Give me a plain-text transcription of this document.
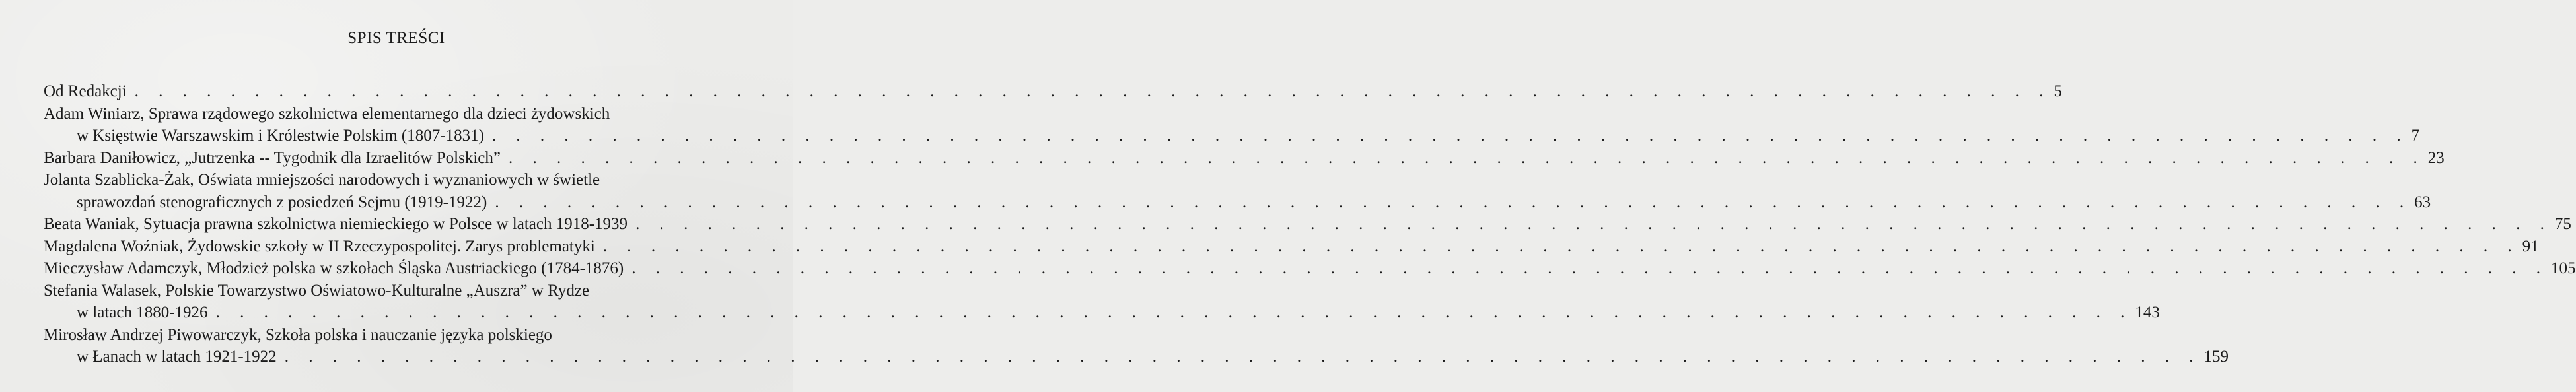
SPIS TREŚCI
Od Redakcji . . . . . . . . . . . . . . . . . . . . . . . . . . . . . . . . . . . . . . . . . . . . . . . . . . . . . . . . . . . . . . . . . . . . . . . . . . . . . . . . 5
Adam Winiarz, Sprawa rządowego szkolnictwa elementarnego dla dzieci żydowskich
w Księstwie Warszawskim i Królestwie Polskim (1807-1831) . . . . . . . . . . . . . . . . . . . . . . . . . . . . . . . . . . . . . . . . . . . . . . . . . . . . . . . . . . . . . . . . . . . . . . . . . . . . . . . . 7
Barbara Daniłowicz, „Jutrzenka -- Tygodnik dla Izraelitów Polskich” . . . . . . . . . . . . . . . . . . . . . . . . . . . . . . . . . . . . . . . . . . . . . . . . . . . . . . . . . . . . . . . . . . . . . . . . . . . . . . . . 23
Jolanta Szablicka-Żak, Oświata mniejszości narodowych i wyznaniowych w świetle
sprawozdań stenograficznych z posiedzeń Sejmu (1919-1922) . . . . . . . . . . . . . . . . . . . . . . . . . . . . . . . . . . . . . . . . . . . . . . . . . . . . . . . . . . . . . . . . . . . . . . . . . . . . . . . . 63
Beata Waniak, Sytuacja prawna szkolnictwa niemieckiego w Polsce w latach 1918-1939 . . . . . . . . . . . . . . . . . . . . . . . . . . . . . . . . . . . . . . . . . . . . . . . . . . . . . . . . . . . . . . . . . . . . . . . . . . . . . . . . 75
Magdalena Woźniak, Żydowskie szkoły w II Rzeczypospolitej. Zarys problematyki . . . . . . . . . . . . . . . . . . . . . . . . . . . . . . . . . . . . . . . . . . . . . . . . . . . . . . . . . . . . . . . . . . . . . . . . . . . . . . . . 91
Mieczysław Adamczyk, Młodzież polska w szkołach Śląska Austriackiego (1784-1876) . . . . . . . . . . . . . . . . . . . . . . . . . . . . . . . . . . . . . . . . . . . . . . . . . . . . . . . . . . . . . . . . . . . . . . . . . . . . . . . . 105
Stefania Walasek, Polskie Towarzystwo Oświatowo-Kulturalne „Auszra” w Rydze
w latach 1880-1926 . . . . . . . . . . . . . . . . . . . . . . . . . . . . . . . . . . . . . . . . . . . . . . . . . . . . . . . . . . . . . . . . . . . . . . . . . . . . . . . . 143
Mirosław Andrzej Piwowarczyk, Szkoła polska i nauczanie języka polskiego
w Łanach w latach 1921-1922 . . . . . . . . . . . . . . . . . . . . . . . . . . . . . . . . . . . . . . . . . . . . . . . . . . . . . . . . . . . . . . . . . . . . . . . . . . . . . . . . 159
